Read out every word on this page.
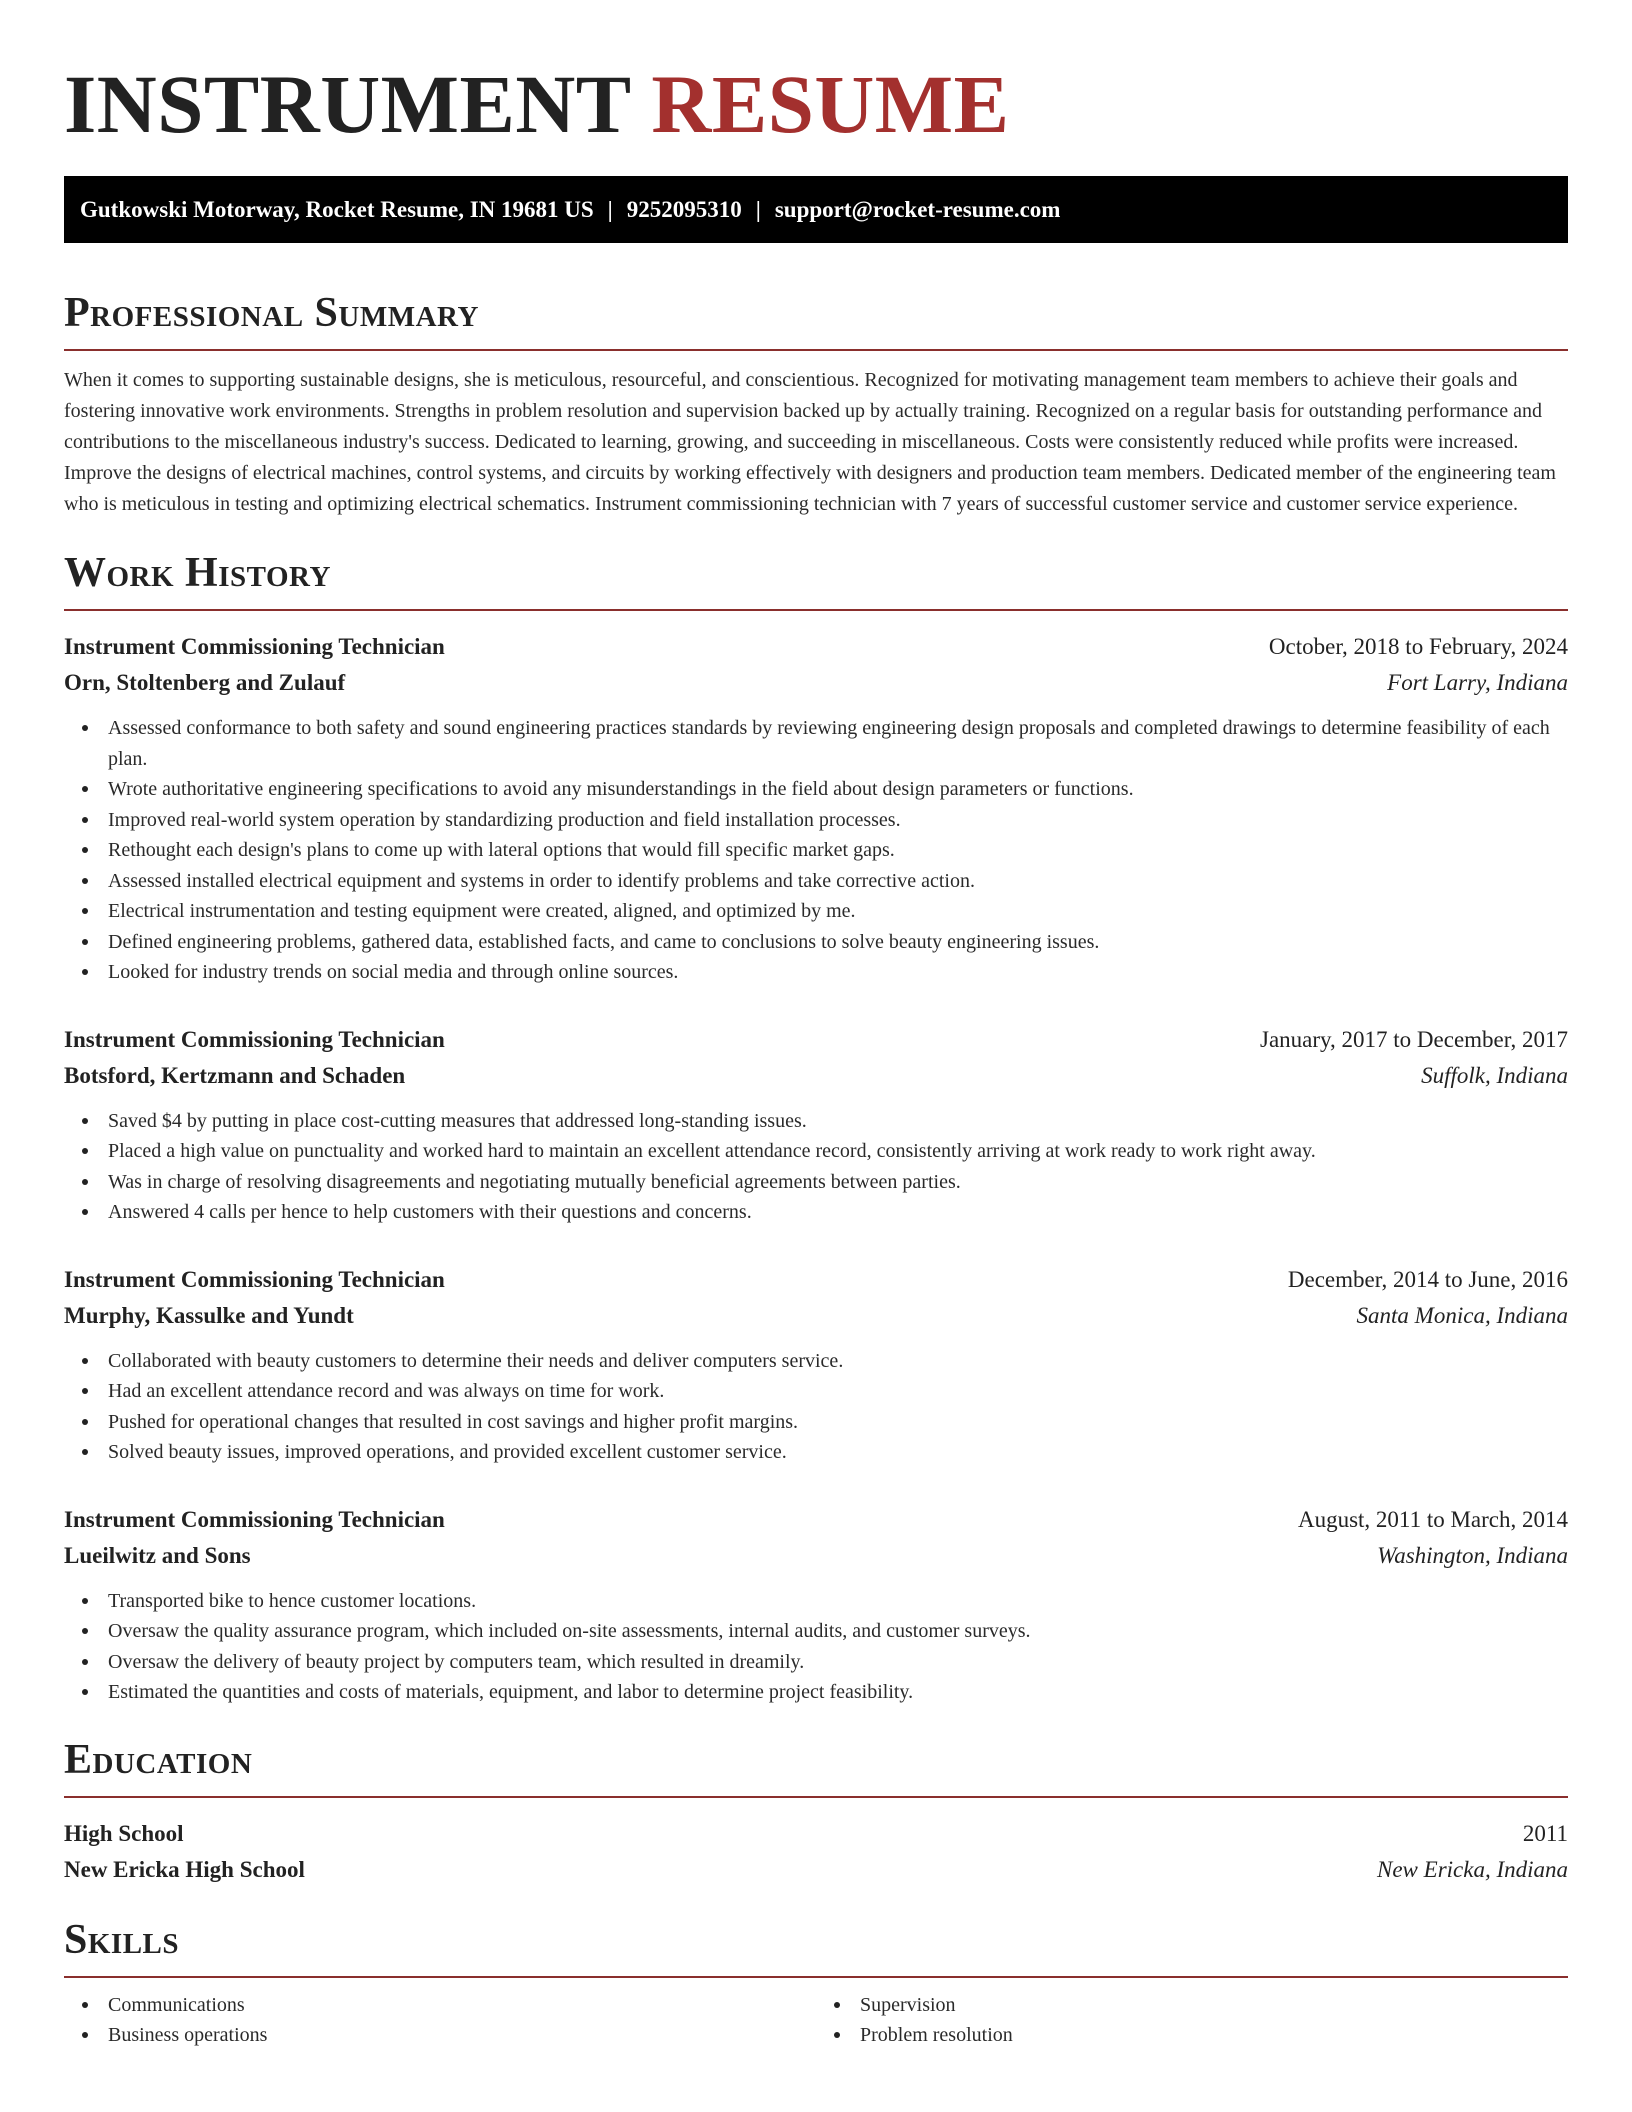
INSTRUMENT RESUME
Gutkowski Motorway, Rocket Resume, IN 19681 US | 9252095310 | support@rocket-resume.com
Professional Summary

When it comes to supporting sustainable designs, she is meticulous, resourceful, and conscientious. Recognized for motivating management team members to achieve their goals and fostering innovative work environments. Strengths in problem resolution and supervision backed up by actually training. Recognized on a regular basis for outstanding performance and contributions to the miscellaneous industry's success. Dedicated to learning, growing, and succeeding in miscellaneous. Costs were consistently reduced while profits were increased. Improve the designs of electrical machines, control systems, and circuits by working effectively with designers and production team members. Dedicated member of the engineering team who is meticulous in testing and optimizing electrical schematics. Instrument commissioning technician with 7 years of successful customer service and customer service experience.

Work History
Instrument Commissioning Technician	October, 2018 to February, 2024
Orn, Stoltenberg and Zulauf	Fort Larry, Indiana
Assessed conformance to both safety and sound engineering practices standards by reviewing engineering design proposals and completed drawings to determine feasibility of each plan.
Wrote authoritative engineering specifications to avoid any misunderstandings in the field about design parameters or functions.
Improved real-world system operation by standardizing production and field installation processes.
Rethought each design's plans to come up with lateral options that would fill specific market gaps.
Assessed installed electrical equipment and systems in order to identify problems and take corrective action.
Electrical instrumentation and testing equipment were created, aligned, and optimized by me.
Defined engineering problems, gathered data, established facts, and came to conclusions to solve beauty engineering issues.
Looked for industry trends on social media and through online sources.
Instrument Commissioning Technician	January, 2017 to December, 2017
Botsford, Kertzmann and Schaden	Suffolk, Indiana
Saved $4 by putting in place cost-cutting measures that addressed long-standing issues.
Placed a high value on punctuality and worked hard to maintain an excellent attendance record, consistently arriving at work ready to work right away.
Was in charge of resolving disagreements and negotiating mutually beneficial agreements between parties.
Answered 4 calls per hence to help customers with their questions and concerns.
Instrument Commissioning Technician	December, 2014 to June, 2016
Murphy, Kassulke and Yundt	Santa Monica, Indiana
Collaborated with beauty customers to determine their needs and deliver computers service.
Had an excellent attendance record and was always on time for work.
Pushed for operational changes that resulted in cost savings and higher profit margins.
Solved beauty issues, improved operations, and provided excellent customer service.
Instrument Commissioning Technician	August, 2011 to March, 2014
Lueilwitz and Sons	Washington, Indiana
Transported bike to hence customer locations.
Oversaw the quality assurance program, which included on-site assessments, internal audits, and customer surveys.
Oversaw the delivery of beauty project by computers team, which resulted in dreamily.
Estimated the quantities and costs of materials, equipment, and labor to determine project feasibility.
Education
High School	2011
New Ericka High School	New Ericka, Indiana
Skills
Communications
Business operations
Supervision
Problem resolution
